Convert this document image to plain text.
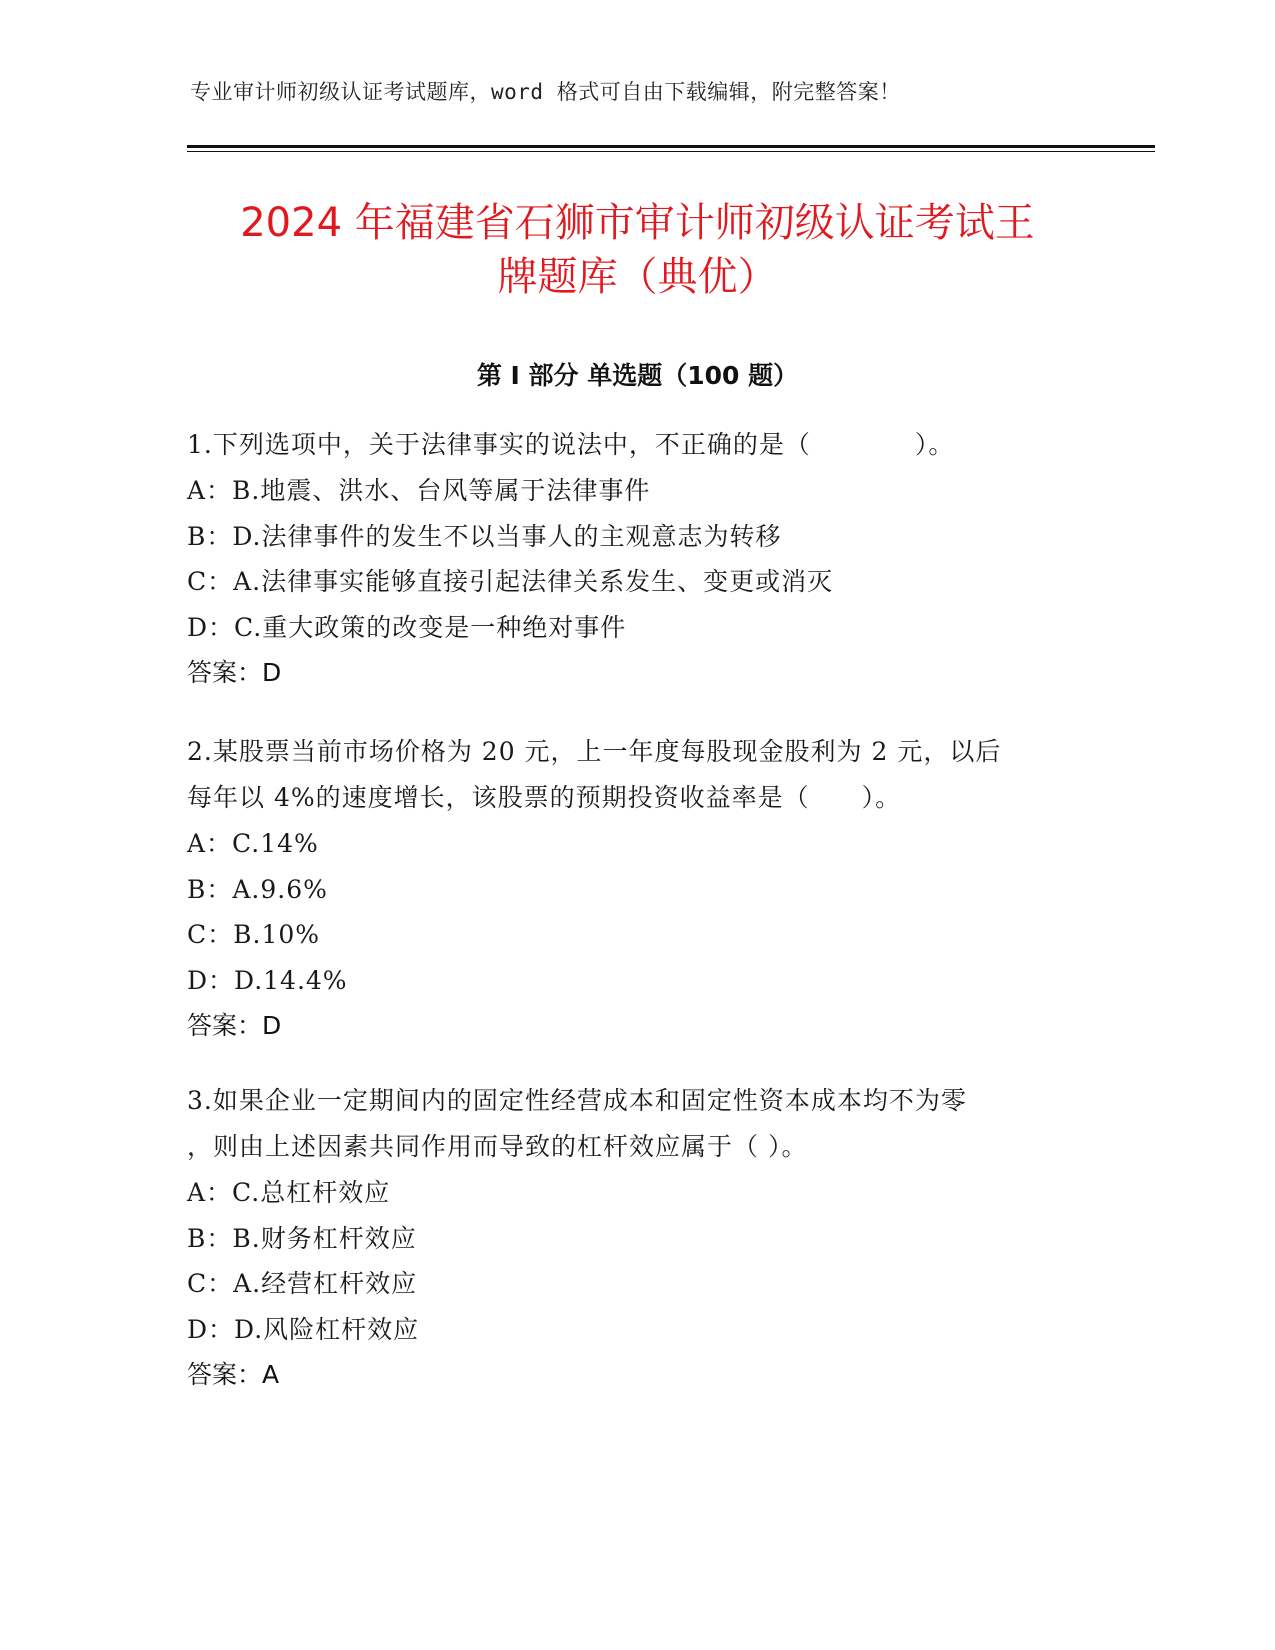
专业审计师初级认证考试题库，word 格式可自由下载编辑，附完整答案！
2024 年福建省石狮市审计师初级认证考试王
牌题库（典优）
第 I 部分 单选题（100 题）
1.下列选项中，关于法律事实的说法中，不正确的是（　　　　）。
A：B.地震、洪水、台风等属于法律事件
B：D.法律事件的发生不以当事人的主观意志为转移
C：A.法律事实能够直接引起法律关系发生、变更或消灭
D：C.重大政策的改变是一种绝对事件
答案：D
2.某股票当前市场价格为 20 元，上一年度每股现金股利为 2 元，以后
每年以 4%的速度增长，该股票的预期投资收益率是（　　）。
A：C.14%
B：A.9.6%
C：B.10%
D：D.14.4%
答案：D
3.如果企业一定期间内的固定性经营成本和固定性资本成本均不为零
，则由上述因素共同作用而导致的杠杆效应属于（ ）。
A：C.总杠杆效应
B：B.财务杠杆效应
C：A.经营杠杆效应
D：D.风险杠杆效应
答案：A
